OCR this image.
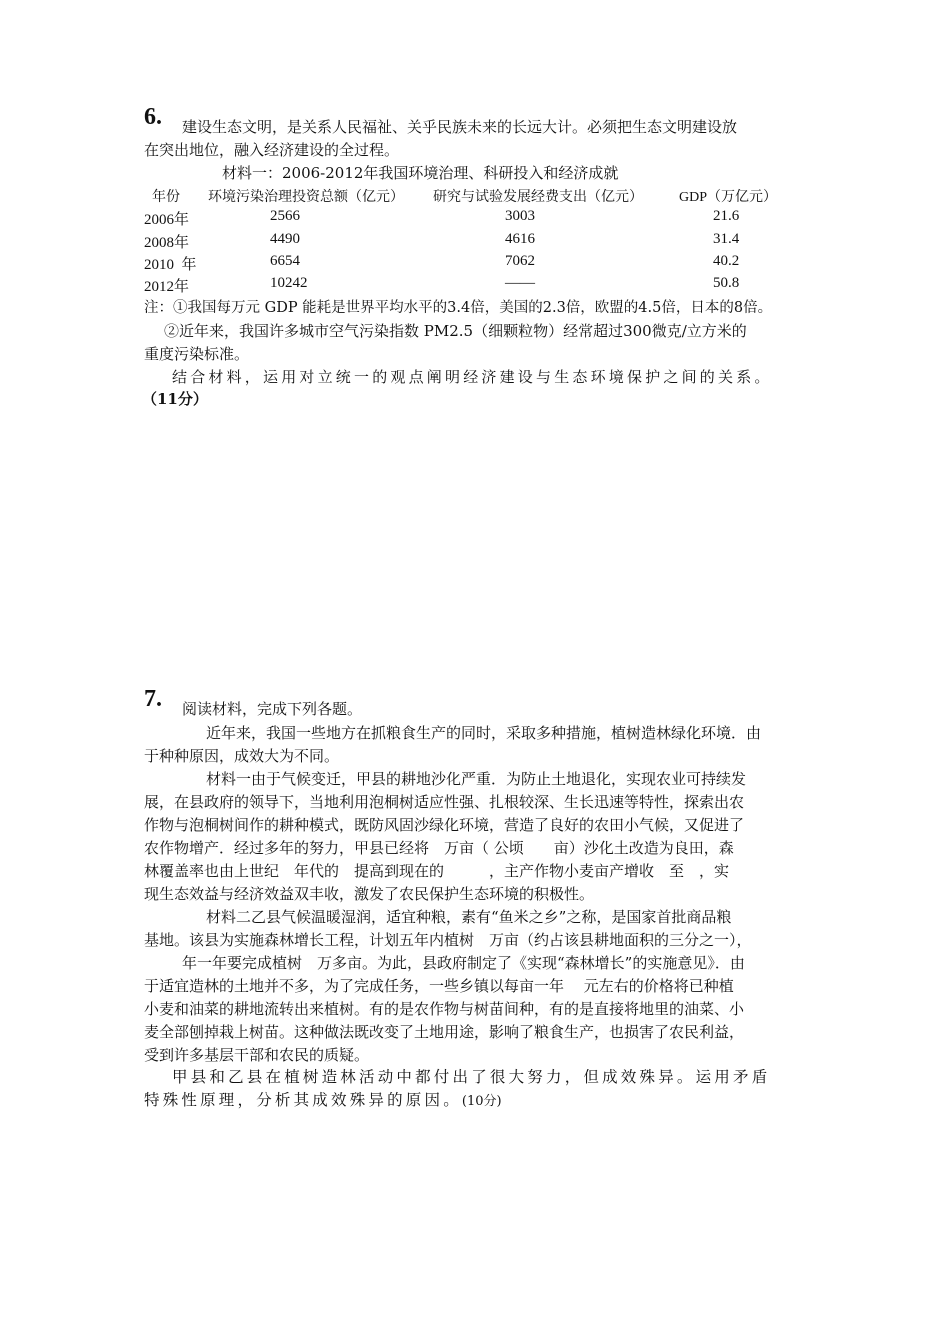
6. 建设生态文明，是关系人民福祉、关乎民族未来的长远大计。必须把生态文明建设放
在突出地位，融入经济建设的全过程。
材料一：2006-2012年我国环境治理、科研投入和经济成就
年份 环境污染治理投资总额（亿元） 研究与试验发展经费支出（亿元）	GDP（万亿元）
2006年	2566	3003	21.6
2008年	4490	4616	31.4
2010  年	6654	7062	40.2
2012年	10242	——	50.8
注：①我国每万元 GDP 能耗是世界平均水平的3.4倍，美国的2.3倍，欧盟的4.5倍，日本的8倍。
②近年来，我国许多城市空气污染指数 PM2.5（细颗粒物）经常超过300微克/立方米的
重度污染标准。
结合材料，运用对立统一的观点阐明经济建设与生态环境保护之间的关系。
（11分）
7. 阅读材料，完成下列各题。
近年来，我国一些地方在抓粮食生产的同时，采取多种措施，植树造林绿化环境．由
于种种原因，成效大为不同。
材料一由于气候变迁，甲县的耕地沙化严重．为防止土地退化，实现农业可持续发
展，在县政府的领导下，当地利用泡桐树适应性强、扎根较深、生长迅速等特性，探索出农
作物与泡桐树间作的耕种模式，既防风固沙绿化环境，营造了良好的农田小气候，又促进了
农作物增产．经过多年的努力，甲县已经将　万亩（ 公顷　　亩）沙化土改造为良田，森
林覆盖率也由上世纪　年代的　提高到现在的　　　，主产作物小麦亩产增收　至　，实
现生态效益与经济效益双丰收，激发了农民保护生态环境的积极性。
材料二乙县气候温暖湿润，适宜种粮，素有“鱼米之乡”之称，是国家首批商品粮
基地。该县为实施森林增长工程，计划五年内植树　万亩（约占该县耕地面积的三分之一），
年一年要完成植树　万多亩。为此，县政府制定了《实现“森林增长”的实施意见》．由
于适宜造林的土地并不多，为了完成任务，一些乡镇以每亩一年　 元左右的价格将已种植
小麦和油菜的耕地流转出来植树。有的是农作物与树苗间种，有的是直接将地里的油菜、小
麦全部刨掉栽上树苗。这种做法既改变了土地用途，影响了粮食生产，也损害了农民利益，
受到许多基层干部和农民的质疑。
甲县和乙县在植树造林活动中都付出了很大努力，但成效殊异。运用矛盾
特殊性原理，分析其成效殊异的原因。(10分)
